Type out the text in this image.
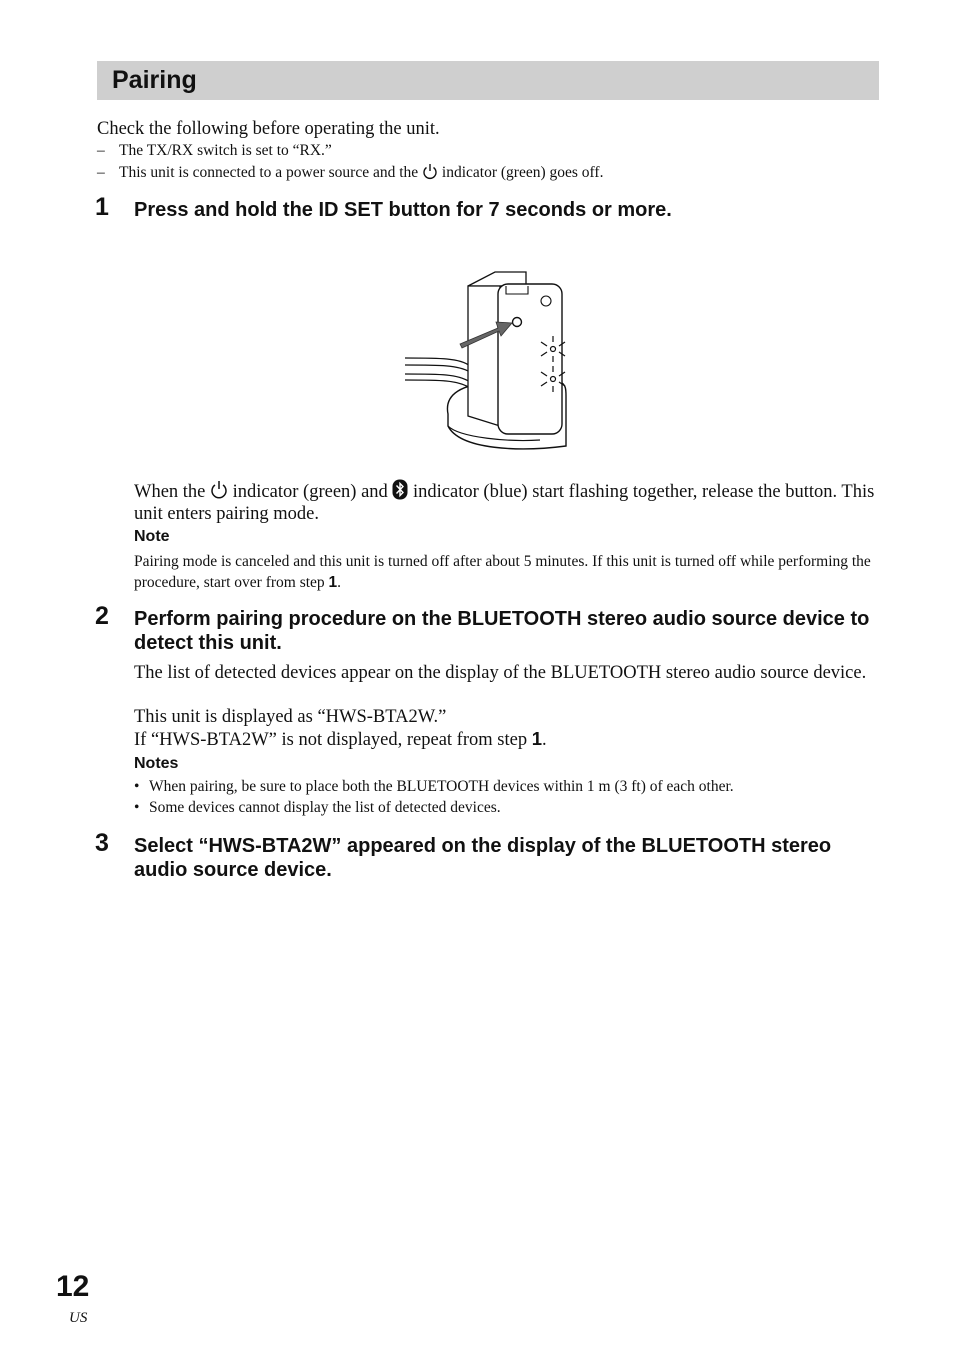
Pairing
Check the following before operating the unit.
– The TX/RX switch is set to “RX.”
– This unit is connected to a power source and the indicator (green) goes off.
1 Press and hold the ID SET button for 7 seconds or more.
When the indicator (green) and indicator (blue) start flashing together, release the button. This unit enters pairing mode.
Note
Pairing mode is canceled and this unit is turned off after about 5 minutes. If this unit is turned off while performing the procedure, start over from step 1.
2 Perform pairing procedure on the BLUETOOTH stereo audio source device to detect this unit.
The list of detected devices appear on the display of the BLUETOOTH stereo audio source device.
This unit is displayed as “HWS-BTA2W.”
If “HWS-BTA2W” is not displayed, repeat from step 1.
Notes
• When pairing, be sure to place both the BLUETOOTH devices within 1 m (3 ft) of each other.
• Some devices cannot display the list of detected devices.
3 Select “HWS-BTA2W” appeared on the display of the BLUETOOTH stereo audio source device.
12
US
